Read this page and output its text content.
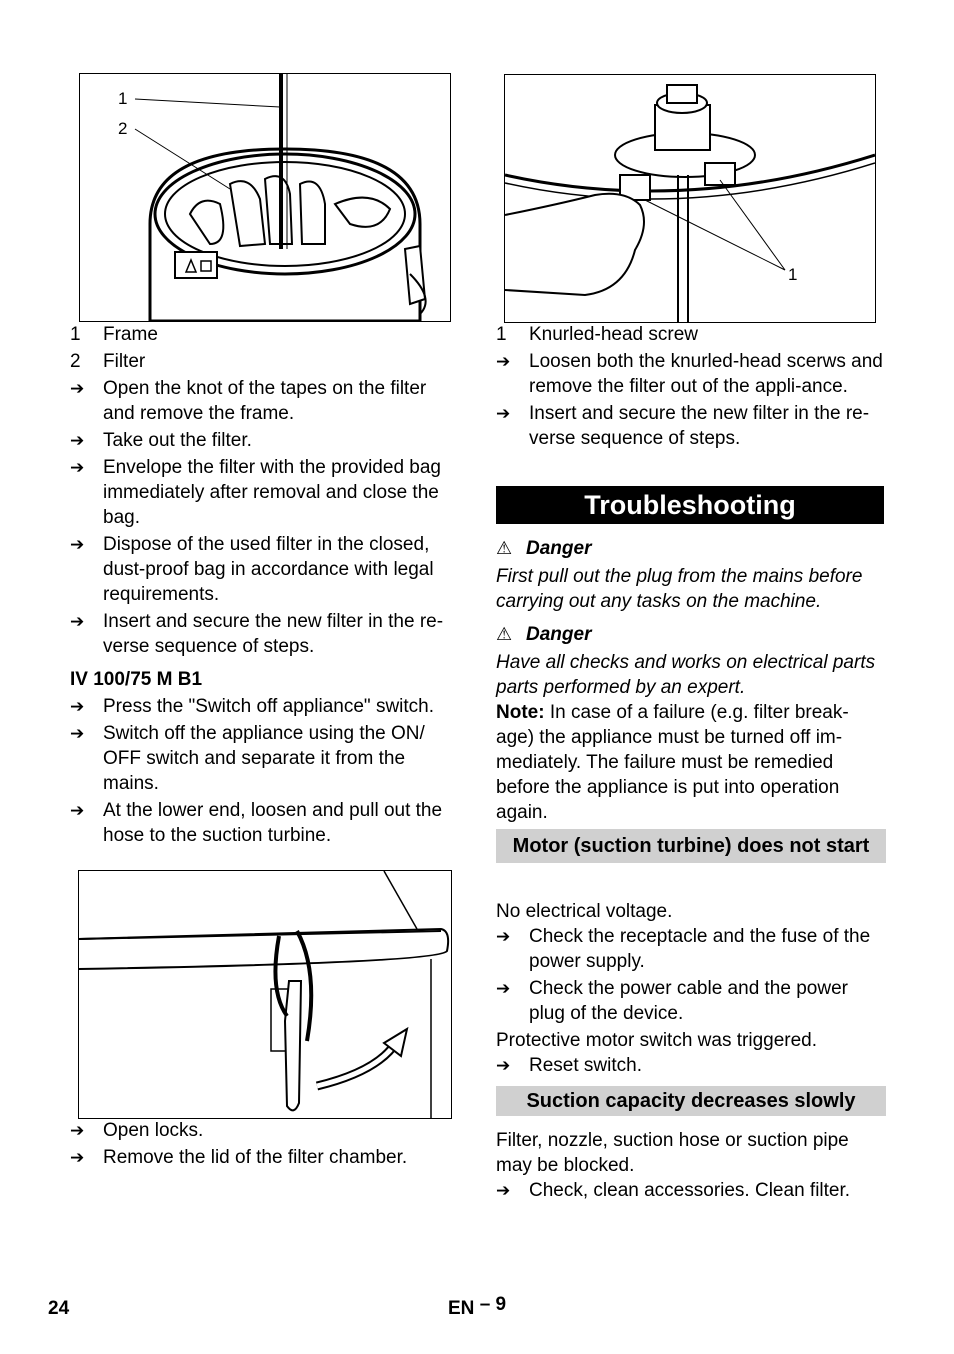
1
2
1	Frame
2	Filter
➔ Open the knot of the tapes on the filter and remove the frame.
➔ Take out the filter.
➔ Envelope the filter with the provided bag immediately after removal and close the bag.
➔ Dispose of the used filter in the closed, dust-proof bag in accordance with legal requirements.
➔ Insert and secure the new filter in the re-verse sequence of steps.
IV 100/75 M B1
➔ Press the "Switch off appliance" switch.
➔ Switch off the appliance using the ON/ OFF switch and separate it from the mains.
➔ At the lower end, loosen and pull out the hose to the suction turbine.
➔ Open locks.
➔ Remove the lid of the filter chamber.
1
1	Knurled-head screw
➔ Loosen both the knurled-head scerws and remove the filter out of the appli-ance.
➔ Insert and secure the new filter in the re-verse sequence of steps.
Troubleshooting
⚠ Danger
First pull out the plug from the mains before carrying out any tasks on the machine.
⚠ Danger
Have all checks and works on electrical parts parts performed by an expert.
Note: In case of a failure (e.g. filter break-age) the appliance must be turned off im-mediately. The failure must be remedied before the appliance is put into operation again.
Motor (suction turbine) does not start
No electrical voltage.
➔ Check the receptacle and the fuse of the power supply.
➔ Check the power cable and the power plug of the device.
Protective motor switch was triggered.
➔ Reset switch.
Suction capacity decreases slowly
Filter, nozzle, suction hose or suction pipe may be blocked.
➔ Check, clean accessories. Clean filter.
24	EN – 9
